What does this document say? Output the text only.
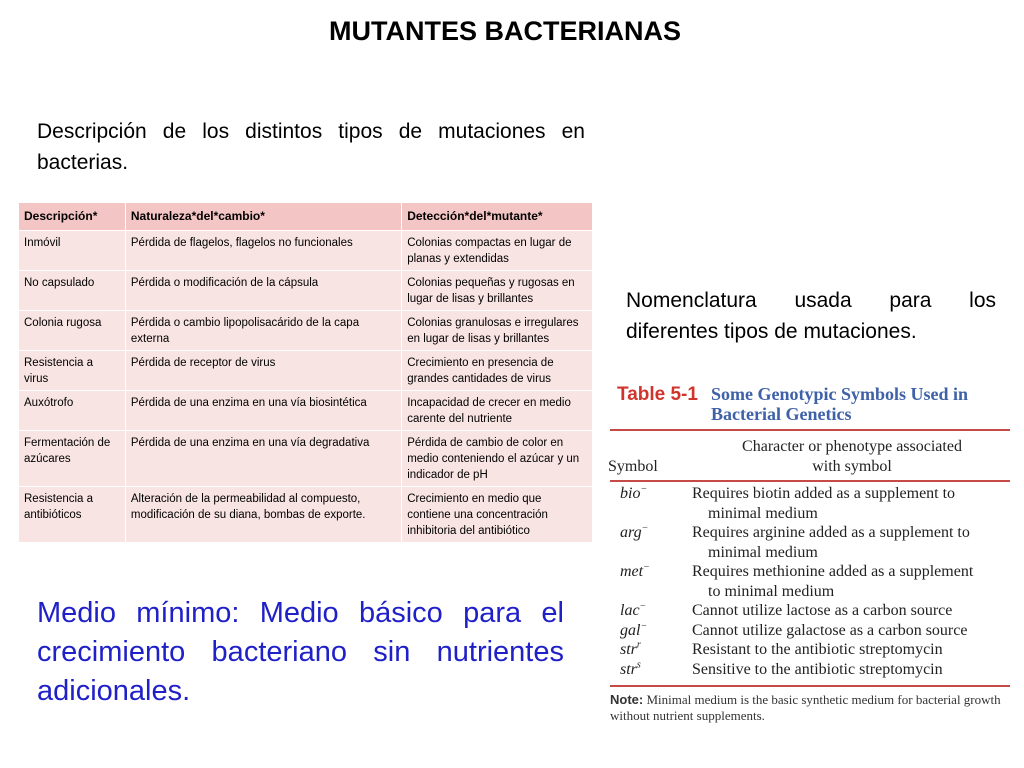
MUTANTES BACTERIANAS
Descripción de los distintos tipos de mutaciones en bacterias.
Descripción*	Naturaleza*del*cambio*	Detección*del*mutante*
Inmóvil	Pérdida de flagelos, flagelos no funcionales	Colonias compactas en lugar de planas y extendidas
No capsulado	Pérdida o modificación de la cápsula	Colonias pequeñas y rugosas en lugar de lisas y brillantes
Colonia rugosa	Pérdida o cambio lipopolisacárido de la capa externa	Colonias granulosas e irregulares en lugar de lisas y brillantes
Resistencia a virus	Pérdida de receptor de virus	Crecimiento en presencia de grandes cantidades de virus
Auxótrofo	Pérdida de una enzima en una vía biosintética	Incapacidad de crecer en medio carente del nutriente
Fermentación de azúcares	Pérdida de una enzima en una vía degradativa	Pérdida de cambio de color en medio conteniendo el azúcar y un indicador de pH
Resistencia a antibióticos	Alteración de la permeabilidad al compuesto, modificación de su diana, bombas de exporte.	Crecimiento en medio que contiene una concentración inhibitoria del antibiótico
Nomenclatura usada para los diferentes tipos de mutaciones.
Medio mínimo: Medio básico para el crecimiento bacteriano sin nutrientes adicionales.
Table 5-1 Some Genotypic Symbols Used in Bacterial Genetics
Character or phenotype associated with symbol
Symbol
bio−	Requires biotin added as a supplement to
minimal medium
arg−	Requires arginine added as a supplement to
minimal medium
met−	Requires methionine added as a supplement
to minimal medium
lac−	Cannot utilize lactose as a carbon source
gal−	Cannot utilize galactose as a carbon source
str$^r$	Resistant to the antibiotic streptomycin
str$^s$	Sensitive to the antibiotic streptomycin
Note: Minimal medium is the basic synthetic medium for bacterial growth without nutrient supplements.
